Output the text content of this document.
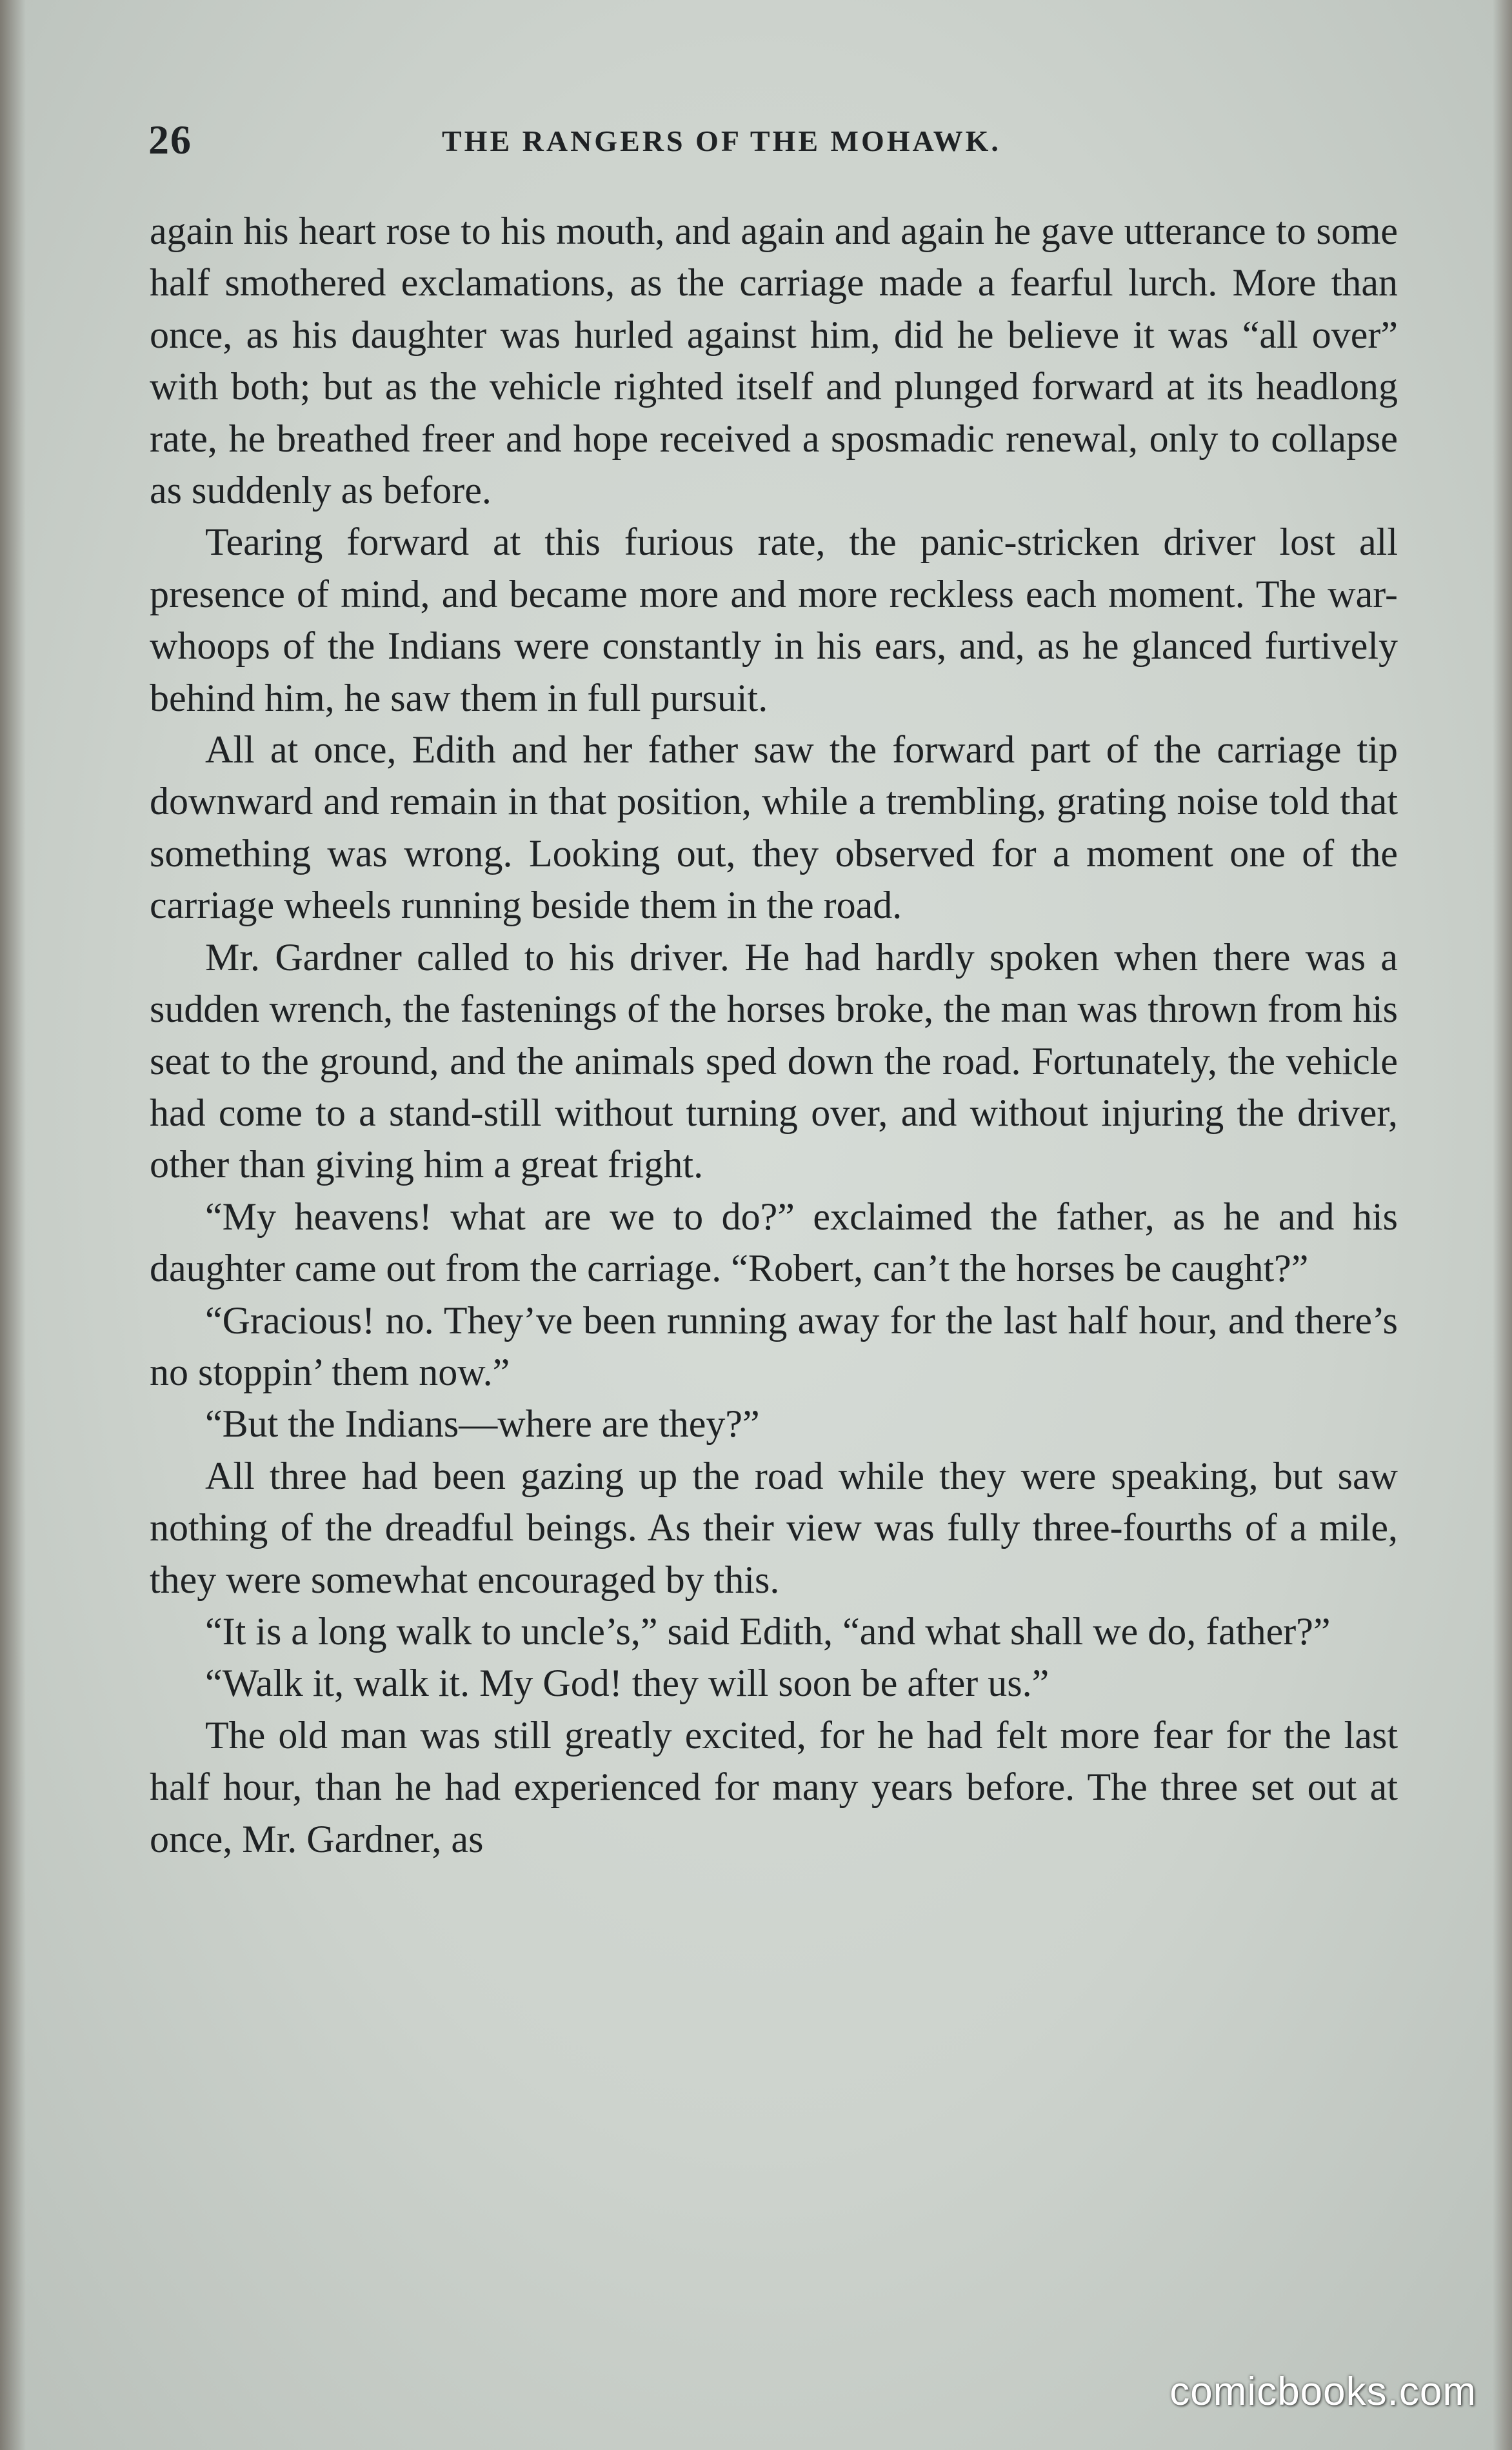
26	THE RANGERS OF THE MOHAWK.

again his heart rose to his mouth, and again and again he gave utterance to some half smothered exclamations, as the carriage made a fearful lurch. More than once, as his daughter was hurled against him, did he believe it was “all over” with both; but as the vehicle righted itself and plunged forward at its headlong rate, he breathed freer and hope received a sposmadic renewal, only to collapse as suddenly as before.

Tearing forward at this furious rate, the panic-stricken driver lost all presence of mind, and became more and more reckless each moment. The war-whoops of the Indians were constantly in his ears, and, as he glanced furtively behind him, he saw them in full pursuit.

All at once, Edith and her father saw the forward part of the carriage tip downward and remain in that position, while a trembling, grating noise told that something was wrong. Looking out, they observed for a moment one of the carriage wheels running beside them in the road.

Mr. Gardner called to his driver. He had hardly spoken when there was a sudden wrench, the fastenings of the horses broke, the man was thrown from his seat to the ground, and the animals sped down the road. Fortunately, the vehicle had come to a stand-still without turning over, and without injuring the driver, other than giving him a great fright.

“My heavens! what are we to do?” exclaimed the father, as he and his daughter came out from the carriage. “Robert, can’t the horses be caught?”

“Gracious! no. They’ve been running away for the last half hour, and there’s no stoppin’ them now.”

“But the Indians—where are they?”

All three had been gazing up the road while they were speaking, but saw nothing of the dreadful beings. As their view was fully three-fourths of a mile, they were somewhat encouraged by this.

“It is a long walk to uncle’s,” said Edith, “and what shall we do, father?”

“Walk it, walk it. My God! they will soon be after us.”

The old man was still greatly excited, for he had felt more fear for the last half hour, than he had experienced for many years before. The three set out at once, Mr. Gardner, as

comicbooks.com
